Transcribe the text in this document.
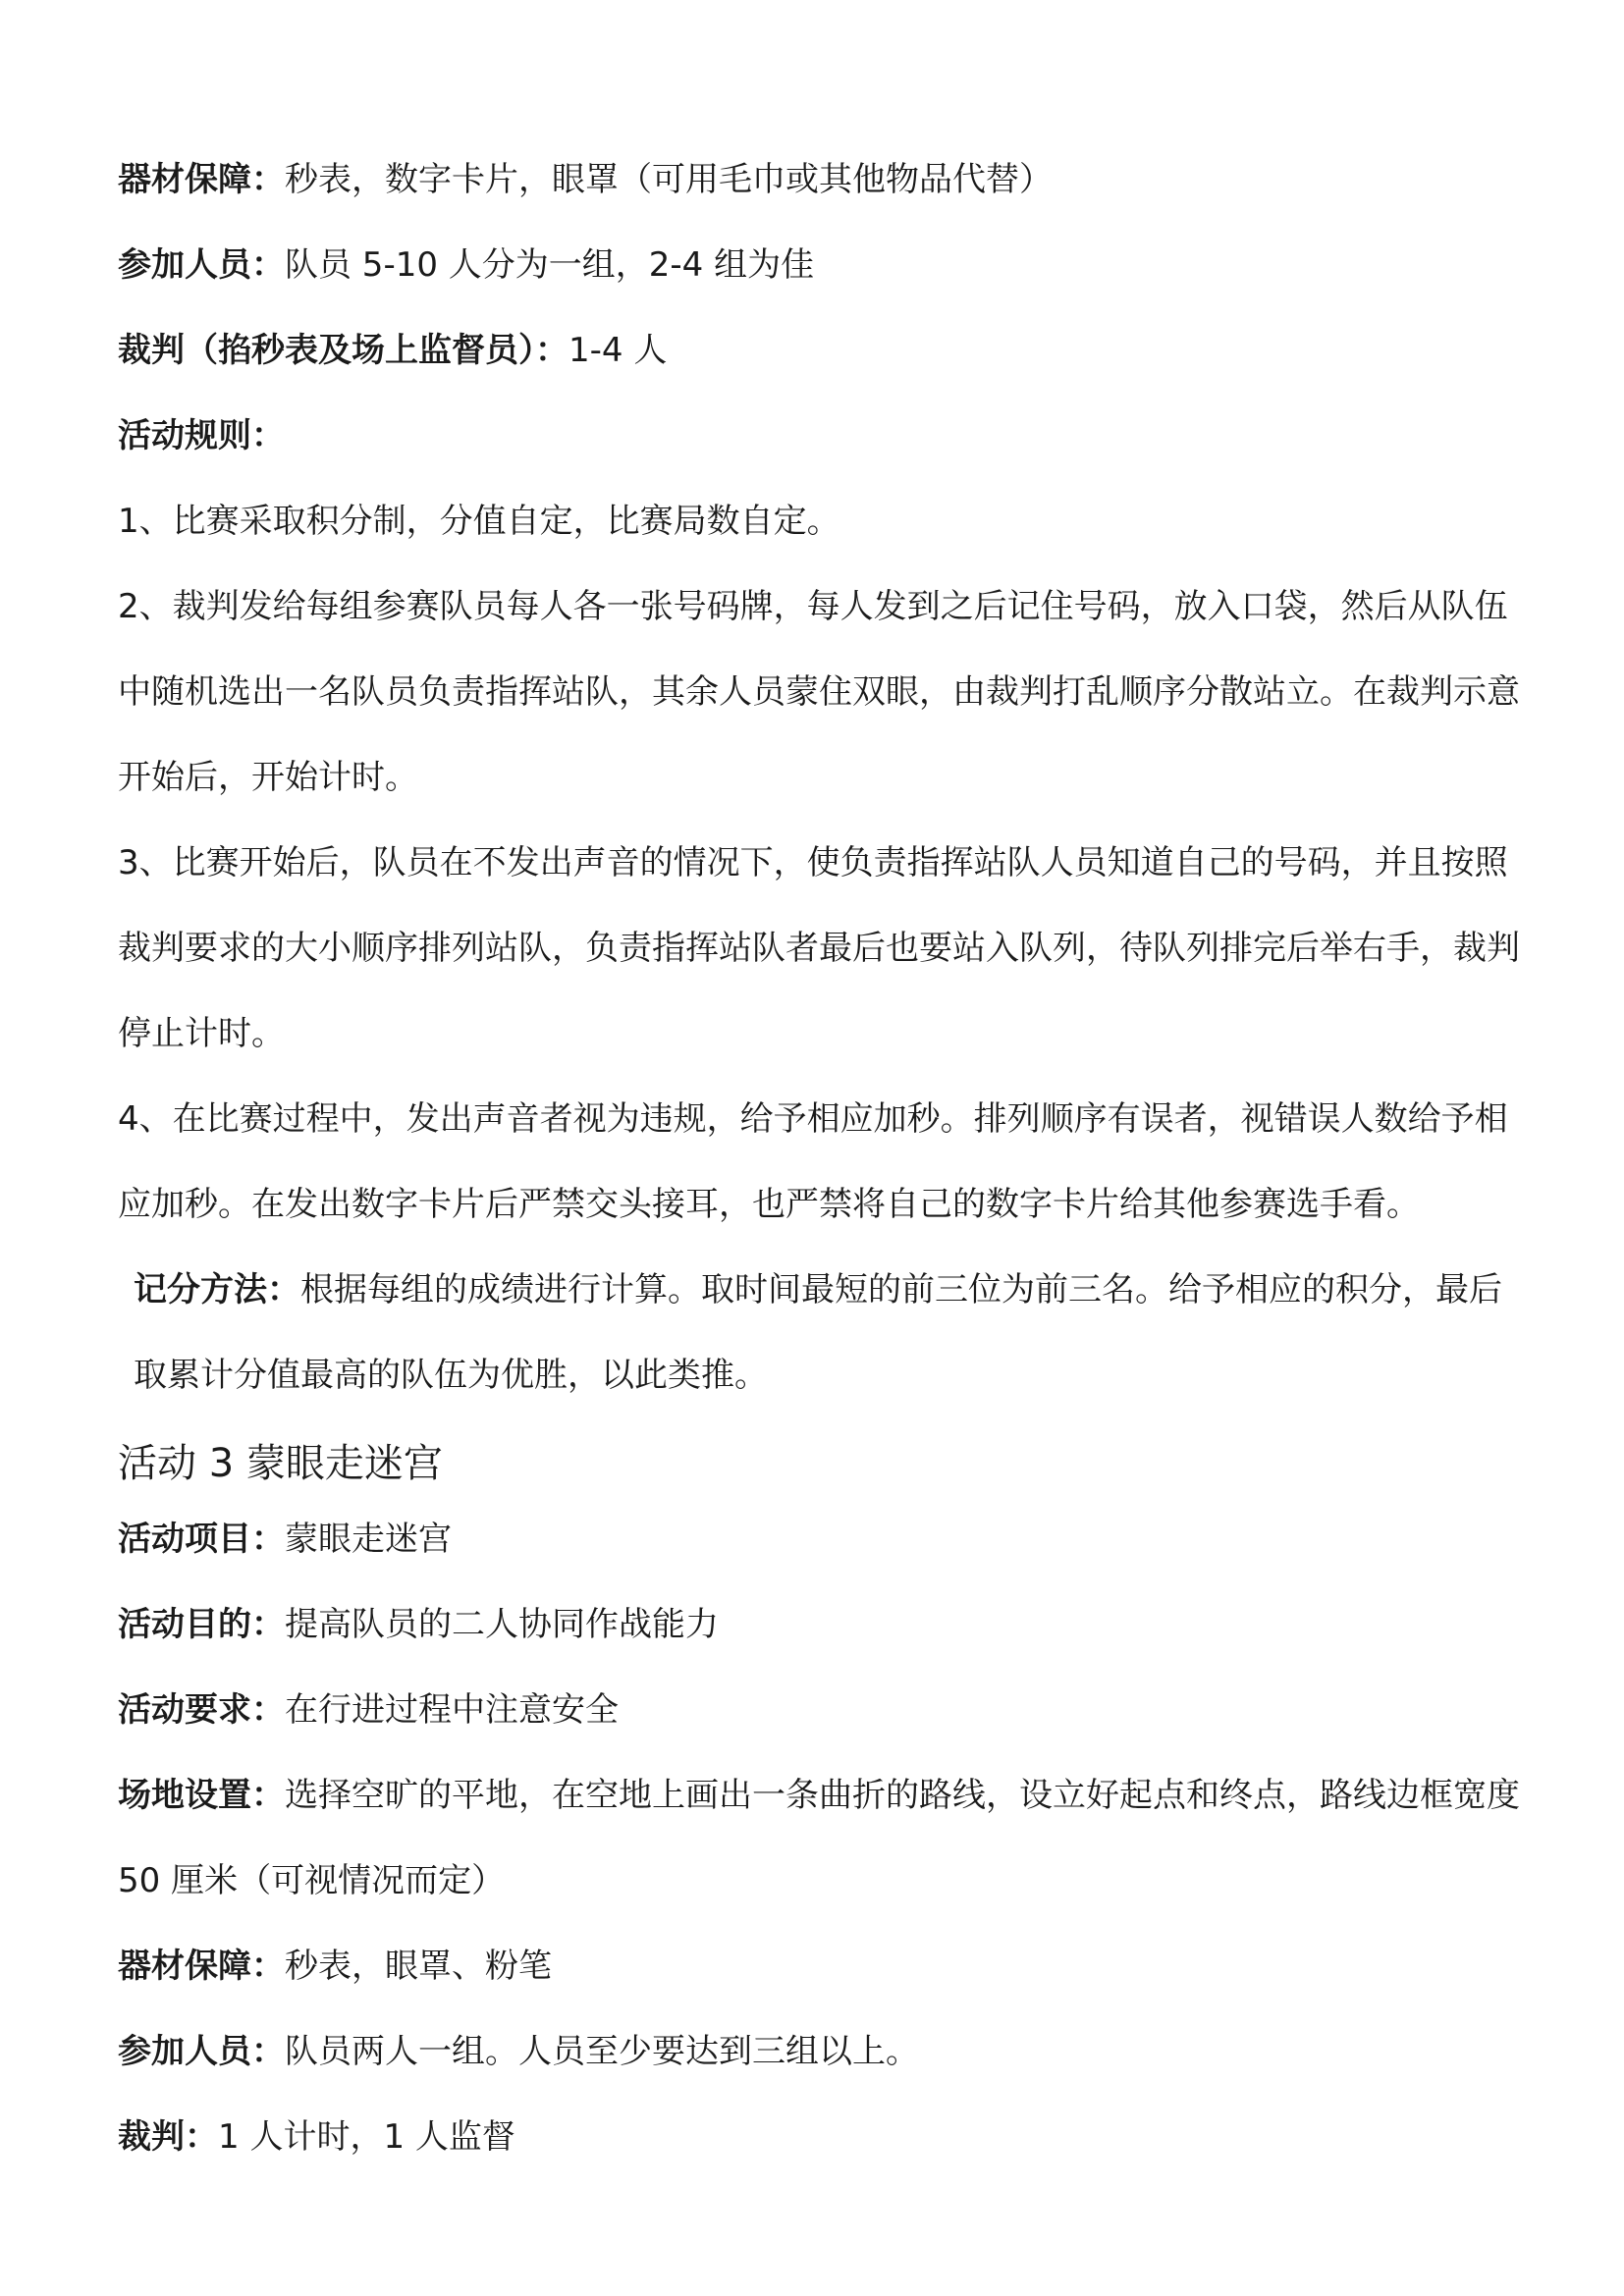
器材保障：秒表，数字卡片，眼罩（可用毛巾或其他物品代替）

参加人员：队员 5-10 人分为一组，2-4 组为佳

裁判（掐秒表及场上监督员）：1-4 人

活动规则：

1、比赛采取积分制，分值自定，比赛局数自定。

2、裁判发给每组参赛队员每人各一张号码牌，每人发到之后记住号码，放入口袋，然后从队伍中随机选出一名队员负责指挥站队，其余人员蒙住双眼，由裁判打乱顺序分散站立。在裁判示意开始后，开始计时。

3、比赛开始后，队员在不发出声音的情况下，使负责指挥站队人员知道自己的号码，并且按照裁判要求的大小顺序排列站队，负责指挥站队者最后也要站入队列，待队列排完后举右手，裁判停止计时。

4、在比赛过程中，发出声音者视为违规，给予相应加秒。排列顺序有误者，视错误人数给予相应加秒。在发出数字卡片后严禁交头接耳，也严禁将自己的数字卡片给其他参赛选手看。

记分方法：根据每组的成绩进行计算。取时间最短的前三位为前三名。给予相应的积分，最后取累计分值最高的队伍为优胜，以此类推。

活动 3 蒙眼走迷宫

活动项目：蒙眼走迷宫

活动目的：提高队员的二人协同作战能力

活动要求：在行进过程中注意安全

场地设置：选择空旷的平地，在空地上画出一条曲折的路线，设立好起点和终点，路线边框宽度 50 厘米（可视情况而定）

器材保障：秒表，眼罩、粉笔

参加人员：队员两人一组。人员至少要达到三组以上。

裁判：1 人计时，1 人监督
